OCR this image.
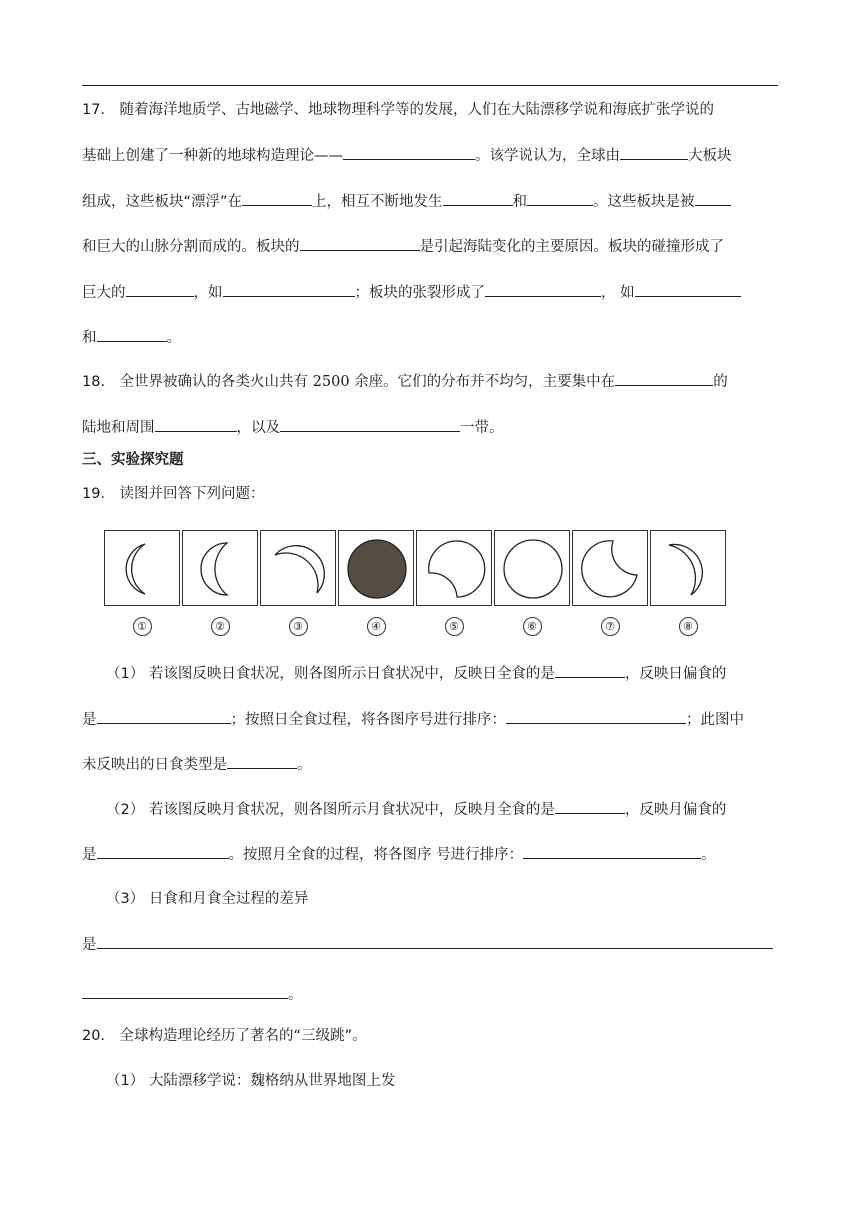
17． 随着海洋地质学、古地磁学、地球物理科学等的发展，人们在大陆漂移学说和海底扩张学说的
基础上创建了一种新的地球构造理论——	。该学说认为，全球由	大板块
组成，这些板块“漂浮”在	上，相互不断地发生	和	。这些板块是被
和巨大的山脉分割而成的。板块的	是引起海陆变化的主要原因。板块的碰撞形成了
巨大的	，如	；板块的张裂形成了	， 如
和	。
18． 全世界被确认的各类火山共有 2500 余座。它们的分布并不均匀，主要集中在	的
陆地和周围	，以及	一带。
三、实验探究题
19． 读图并回答下列问题：
①	②	③	④	⑤	⑥	⑦	⑧
（1） 若该图反映日食状况，则各图所示日食状况中，反映日全食的是	，反映日偏食的
是	；按照日全食过程，将各图序号进行排序：	；此图中
未反映出的日食类型是	。
（2） 若该图反映月食状况，则各图所示月食状况中，反映月全食的是	，反映月偏食的
是	。按照月全食的过程，将各图序 号进行排序：	。
（3） 日食和月食全过程的差异
是
。
20． 全球构造理论经历了著名的“三级跳”。
（1） 大陆漂移学说：魏格纳从世界地图上发
